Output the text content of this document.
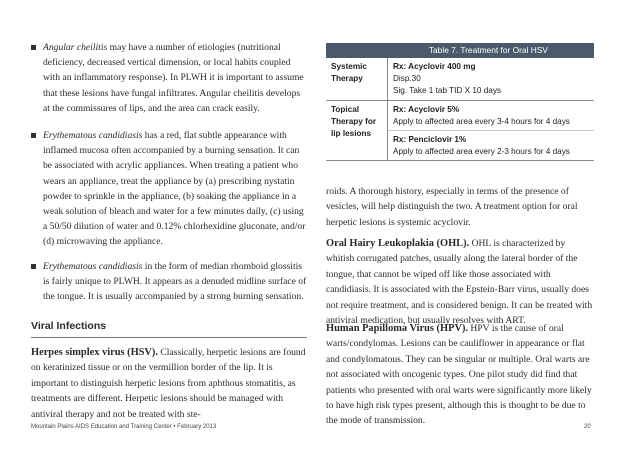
Angular cheilitis may have a number of etiologies (nutritional deficiency, decreased vertical dimension, or local habits coupled with an inflammatory response). In PLWH it is important to assume that these lesions have fungal infiltrates. Angular cheilitis develops at the commissures of lips, and the area can crack easily.
Erythematous candidiasis has a red, flat subtle appearance with inflamed mucosa often accompanied by a burning sensation. It can be associated with acrylic appliances. When treating a patient who wears an appliance, treat the appliance by (a) prescribing nystatin powder to sprinkle in the appliance, (b) soaking the appliance in a weak solution of bleach and water for a few minutes daily, (c) using a 50/50 dilution of water and 0.12% chlorhexidine gluconate, and/or (d) microwaving the appliance.
Erythematous candidiasis in the form of median rhomboid glossitis is fairly unique to PLWH. It appears as a denuded midline surface of the tongue. It is usually accompanied by a strong burning sensation.
Viral Infections
Herpes simplex virus (HSV). Classically, herpetic lesions are found on keratinized tissue or on the vermillion border of the lip. It is important to distinguish herpetic lesions from aphthous stomatitis, as treatments are different. Herpetic lesions should be managed with antiviral therapy and not be treated with ste-
Table 7. Treatment for Oral HSV	
Systemic Therapy	Rx: Acyclovir 400 mg
Disp.30
Sig. Take 1 tab TID X 10 days

Topical Therapy for lip lesions	Rx: Acyclovir 5%
Apply to affected area every 3-4 hours for 4 days

	Rx: Penciclovir 1%
Apply to affected area every 2-3 hours for 4 days
roids. A thorough history, especially in terms of the presence of vesicles, will help distinguish the two. A treatment option for oral herpetic lesions is systemic acyclovir.
Oral Hairy Leukoplakia (OHL). OHL is characterized by whitish corrugated patches, usually along the lateral border of the tongue, that cannot be wiped off like those associated with candidiasis. It is associated with the Epstein-Barr virus, usually does not require treatment, and is considered benign. It can be treated with antiviral medication, but usually resolves with ART.
Human Papilloma Virus (HPV). HPV is the cause of oral warts/condylomas. Lesions can be cauliflower in appearance or flat and condylomatous. They can be singular or multiple. Oral warts are not associated with oncogenic types. One pilot study did find that patients who presented with oral warts were significantly more likely to have high risk types present, although this is thought to be due to the mode of transmission.
Mountain Plains AIDS Education and Training Center • February 2013	20
